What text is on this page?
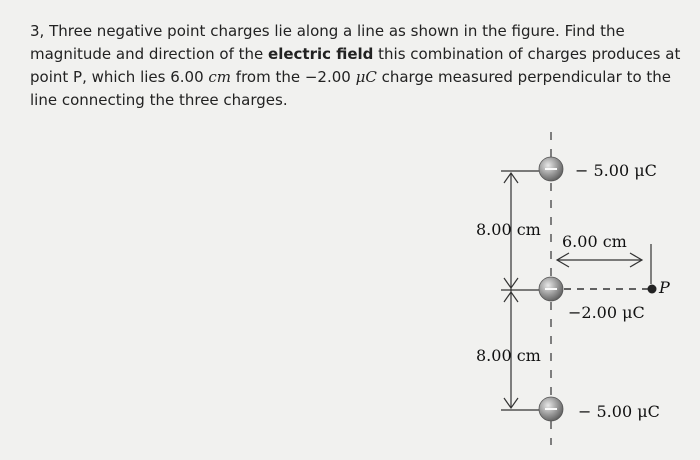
3, Three negative point charges lie along a line as shown in the figure. Find the magnitude and direction of the electric field this combination of charges produces at point P, which lies 6.00 cm from the −2.00 μC charge measured perpendicular to the line connecting the three charges.
− 5.00 μC
8.00 cm
6.00 cm
P
−2.00 μC
8.00 cm
− 5.00 μC
